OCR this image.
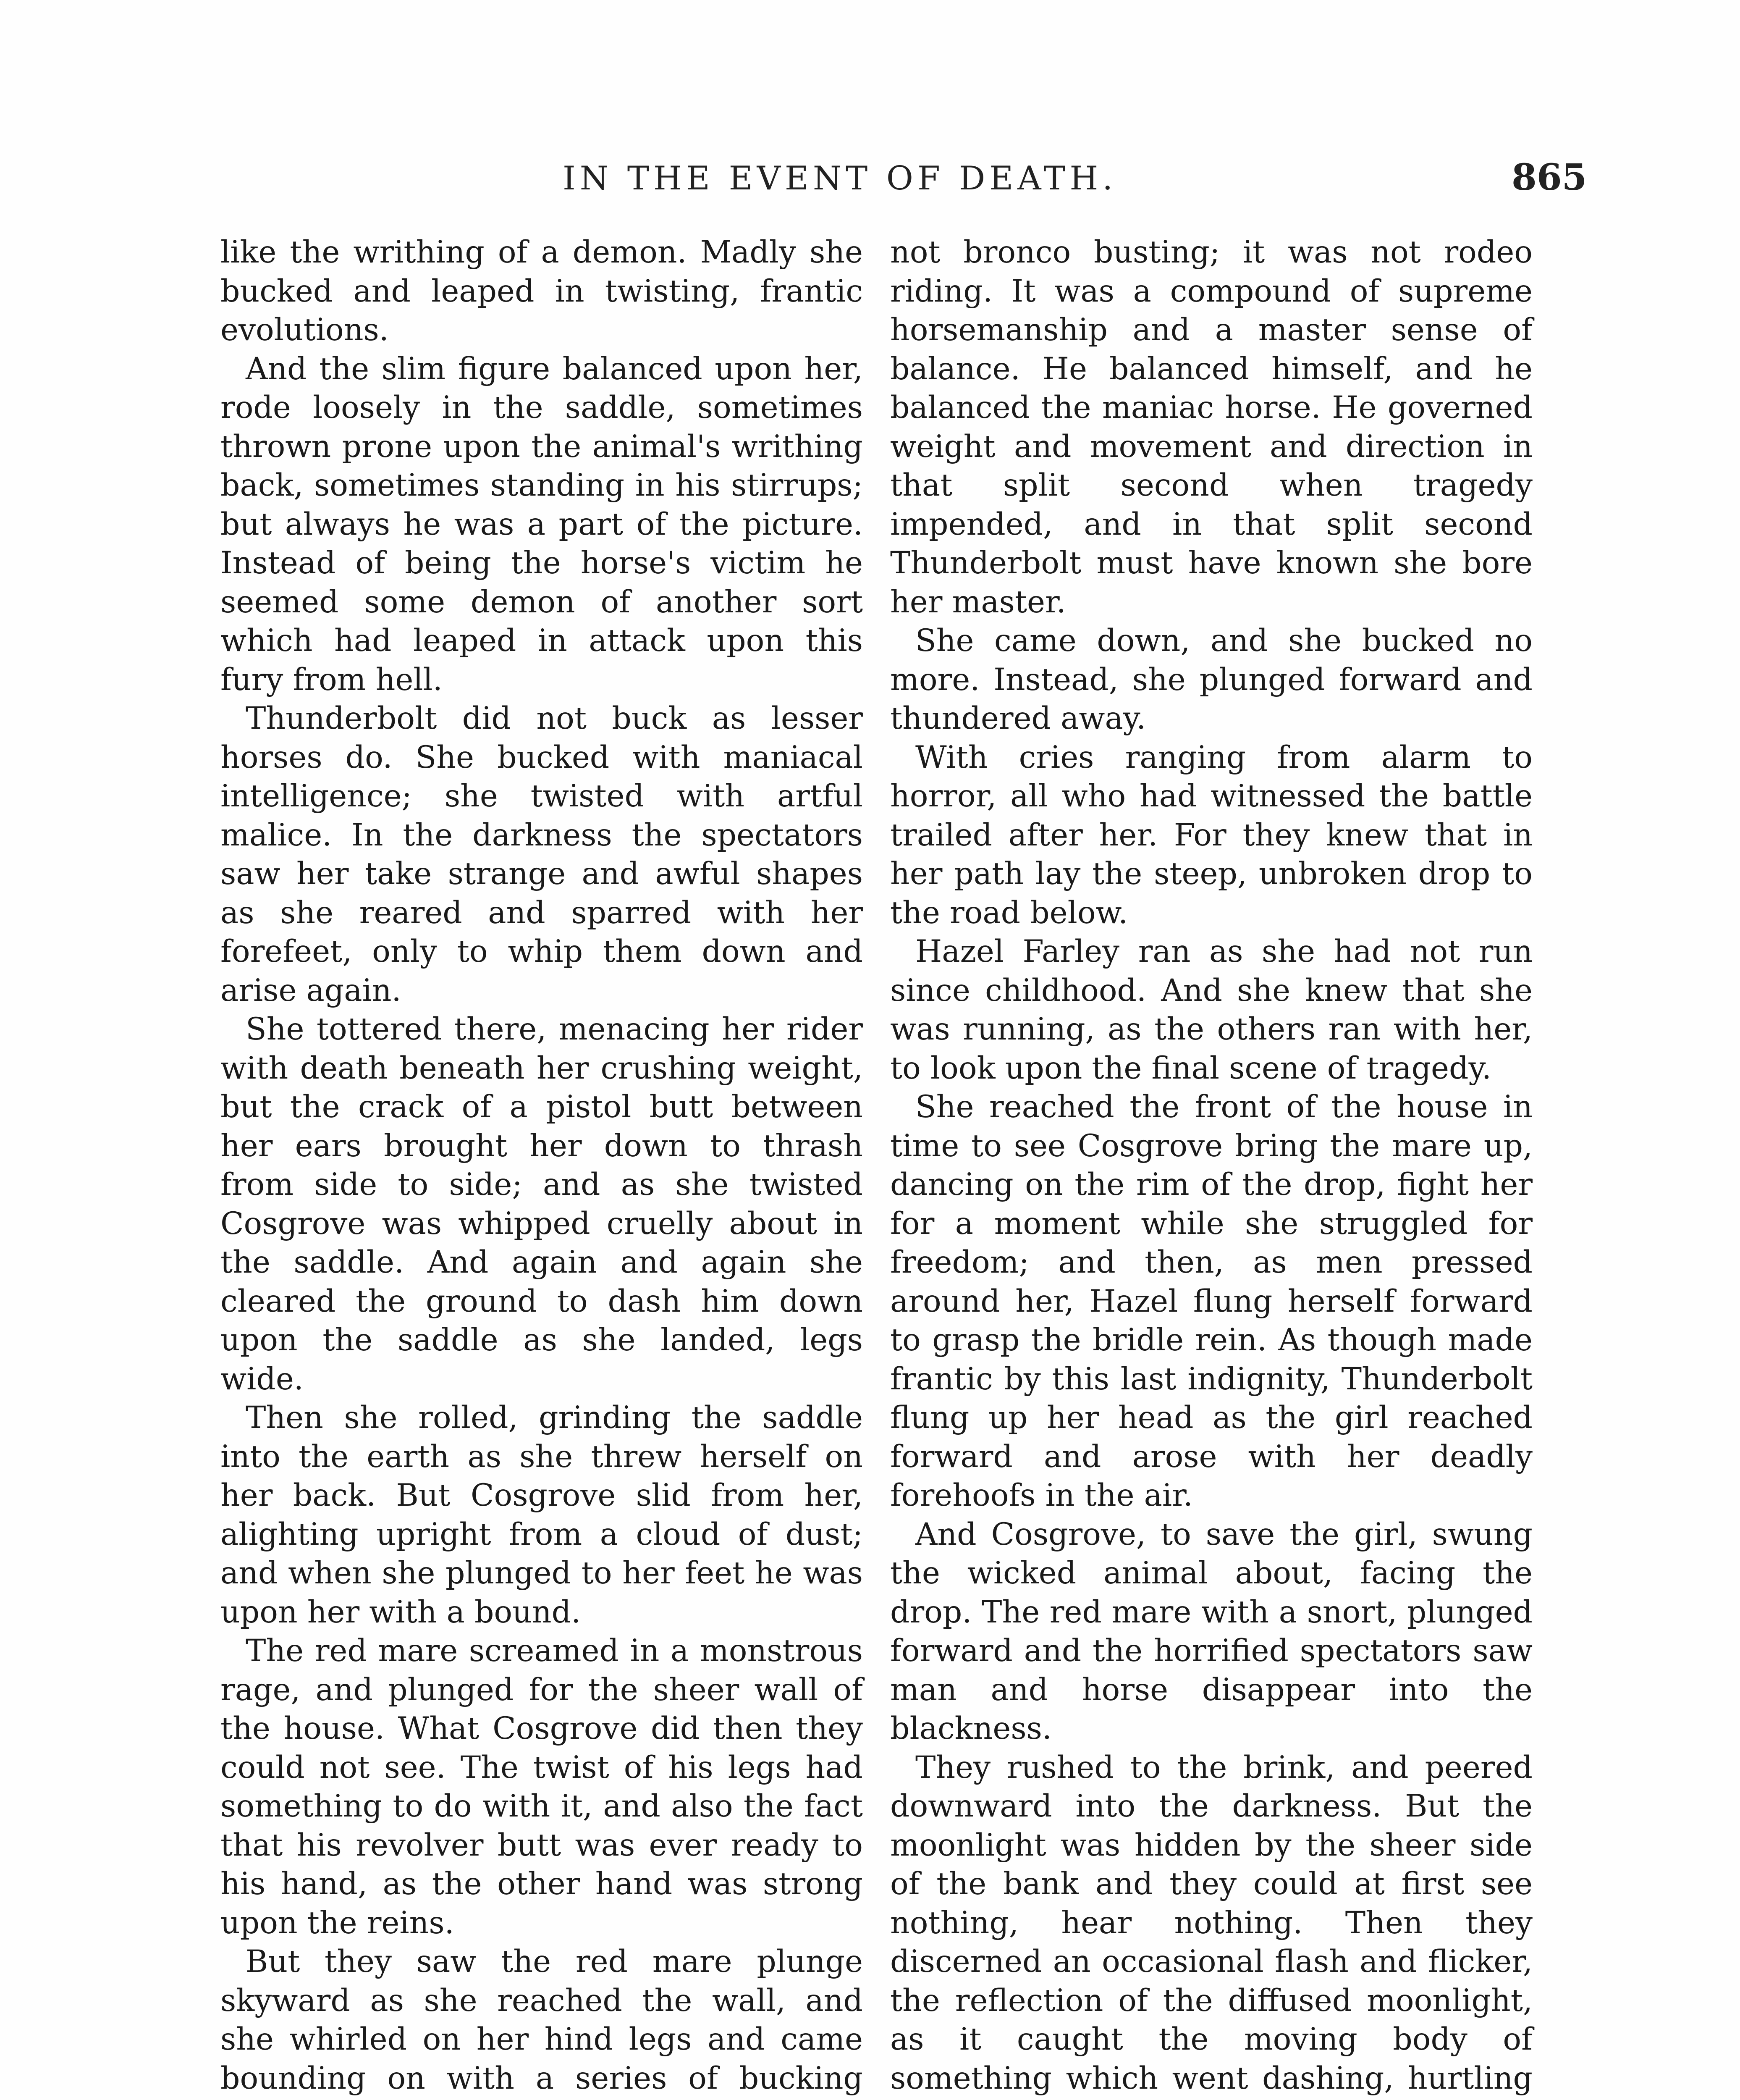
IN THE EVENT OF DEATH.	865

like the writhing of a demon. Madly she bucked and leaped in twisting, frantic evolutions.

And the slim figure balanced upon her, rode loosely in the saddle, sometimes thrown prone upon the animal's writhing back, sometimes standing in his stirrups; but always he was a part of the picture. Instead of being the horse's victim he seemed some demon of another sort which had leaped in attack upon this fury from hell.

Thunderbolt did not buck as lesser horses do. She bucked with maniacal intelligence; she twisted with artful malice. In the darkness the spectators saw her take strange and awful shapes as she reared and sparred with her forefeet, only to whip them down and arise again.

She tottered there, menacing her rider with death beneath her crushing weight, but the crack of a pistol butt between her ears brought her down to thrash from side to side; and as she twisted Cosgrove was whipped cruelly about in the saddle. And again and again she cleared the ground to dash him down upon the saddle as she landed, legs wide.

Then she rolled, grinding the saddle into the earth as she threw herself on her back. But Cosgrove slid from her, alighting upright from a cloud of dust; and when she plunged to her feet he was upon her with a bound.

The red mare screamed in a monstrous rage, and plunged for the sheer wall of the house. What Cosgrove did then they could not see. The twist of his legs had something to do with it, and also the fact that his revolver butt was ever ready to his hand, as the other hand was strong upon the reins.

But they saw the red mare plunge skyward as she reached the wall, and she whirled on her hind legs and came bounding on with a series of bucking

not bronco busting; it was not rodeo riding. It was a compound of supreme horsemanship and a master sense of balance. He balanced himself, and he balanced the maniac horse. He governed weight and movement and direction in that split second when tragedy impended, and in that split second Thunderbolt must have known she bore her master.

She came down, and she bucked no more. Instead, she plunged forward and thundered away.

With cries ranging from alarm to horror, all who had witnessed the battle trailed after her. For they knew that in her path lay the steep, unbroken drop to the road below.

Hazel Farley ran as she had not run since childhood. And she knew that she was running, as the others ran with her, to look upon the final scene of tragedy.

She reached the front of the house in time to see Cosgrove bring the mare up, dancing on the rim of the drop, fight her for a moment while she struggled for freedom; and then, as men pressed around her, Hazel flung herself forward to grasp the bridle rein. As though made frantic by this last indignity, Thunderbolt flung up her head as the girl reached forward and arose with her deadly forehoofs in the air.

And Cosgrove, to save the girl, swung the wicked animal about, facing the drop. The red mare with a snort, plunged forward and the horrified spectators saw man and horse disappear into the blackness.

They rushed to the brink, and peered downward into the darkness. But the moonlight was hidden by the sheer side of the bank and they could at first see nothing, hear nothing. Then they discerned an occasional flash and flicker, the reflection of the diffused moonlight, as it caught the moving body of something which went dashing, hurtling
